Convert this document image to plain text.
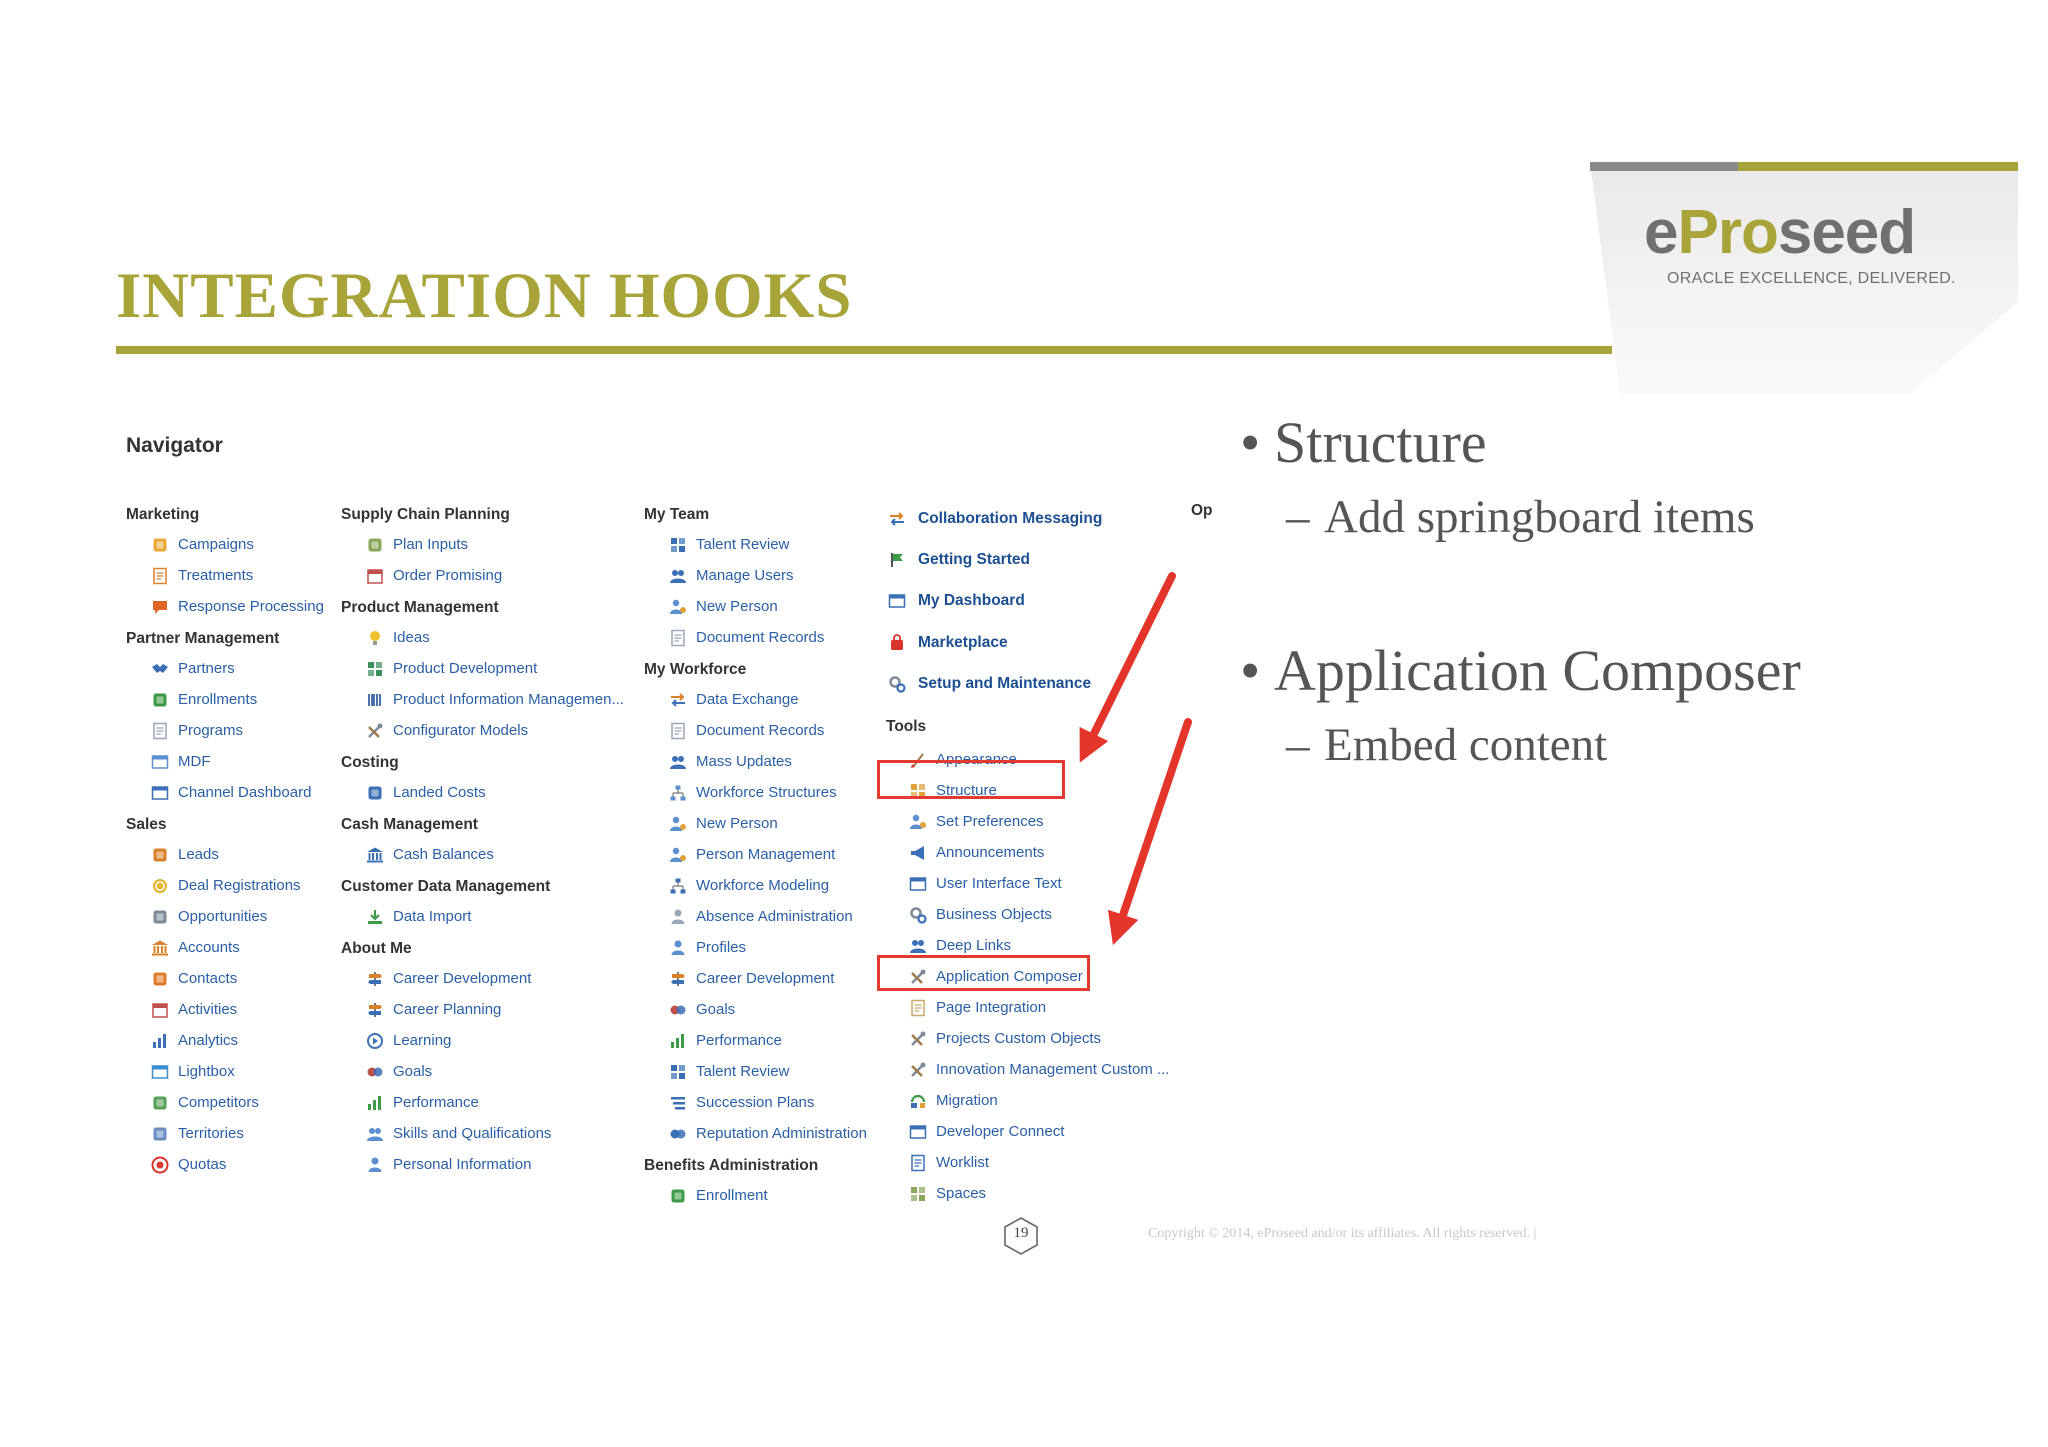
INTEGRATION HOOKS
eProseed
ORACLE EXCELLENCE, DELIVERED.
• Structure
– Add springboard items
• Application Composer
– Embed content
Navigator
Marketing
Campaigns
Treatments
Response Processing
Partner Management
Partners
Enrollments
Programs
MDF
Channel Dashboard
Sales
Leads
Deal Registrations
Opportunities
Accounts
Contacts
Activities
Analytics
Lightbox
Competitors
Territories
Quotas
Supply Chain Planning
Plan Inputs
Order Promising
Product Management
Ideas
Product Development
Product Information Managemen...
Configurator Models
Costing
Landed Costs
Cash Management
Cash Balances
Customer Data Management
Data Import
About Me
Career Development
Career Planning
Learning
Goals
Performance
Skills and Qualifications
Personal Information
My Team
Talent Review
Manage Users
New Person
Document Records
My Workforce
Data Exchange
Document Records
Mass Updates
Workforce Structures
New Person
Person Management
Workforce Modeling
Absence Administration
Profiles
Career Development
Goals
Performance
Talent Review
Succession Plans
Reputation Administration
Benefits Administration
Enrollment
Collaboration Messaging
Getting Started
My Dashboard
Marketplace
Setup and Maintenance
Tools
Appearance
Structure
Set Preferences
Announcements
User Interface Text
Business Objects
Deep Links
Application Composer
Page Integration
Projects Custom Objects
Innovation Management Custom ...
Migration
Developer Connect
Worklist
Spaces
Op
19	Copyright © 2014, eProseed and/or its affiliates. All rights reserved. |
